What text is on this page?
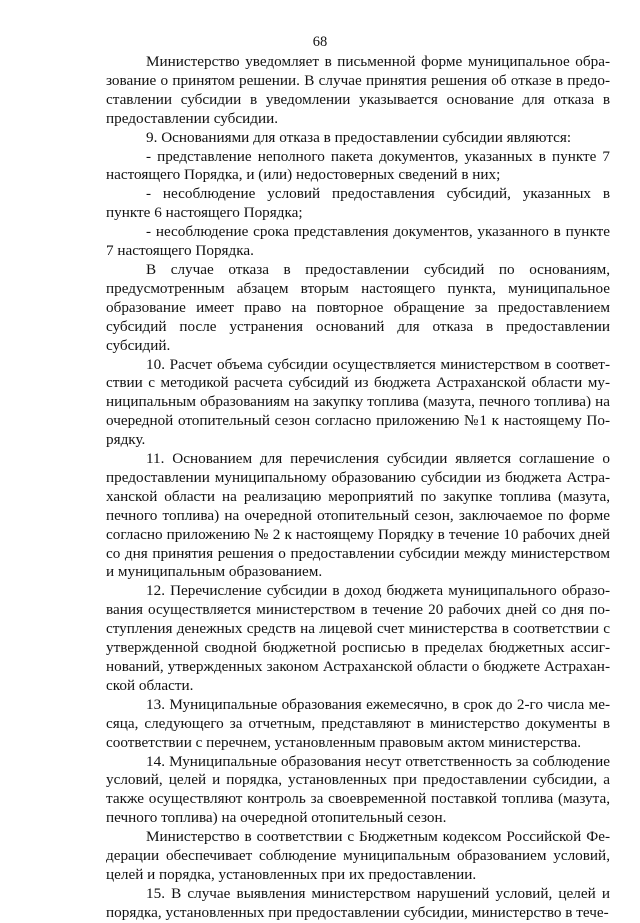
68

Министерство уведомляет в письменной форме муниципальное образование о принятом решении. В случае принятия решения об отказе в предоставлении субсидии в уведомлении указывается основание для отказа в предоставлении субсидии.

9. Основаниями для отказа в предоставлении субсидии являются:

- представление неполного пакета документов, указанных в пункте 7 настоящего Порядка, и (или) недостоверных сведений в них;

- несоблюдение условий предоставления субсидий, указанных в пункте 6 настоящего Порядка;

- несоблюдение срока представления документов, указанного в пункте 7 настоящего Порядка.

В случае отказа в предоставлении субсидий по основаниям, предусмотренным абзацем вторым настоящего пункта, муниципальное образование имеет право на повторное обращение за предоставлением субсидий после устранения оснований для отказа в предоставлении субсидий.

10. Расчет объема субсидии осуществляется министерством в соответствии с методикой расчета субсидий из бюджета Астраханской области муниципальным образованиям на закупку топлива (мазута, печного топлива) на очередной отопительный сезон согласно приложению №1 к настоящему Порядку.

11. Основанием для перечисления субсидии является соглашение о предоставлении муниципальному образованию субсидии из бюджета Астраханской области на реализацию мероприятий по закупке топлива (мазута, печного топлива) на очередной отопительный сезон, заключаемое по форме согласно приложению № 2 к настоящему Порядку в течение 10 рабочих дней со дня принятия решения о предоставлении субсидии между министерством и муниципальным образованием.

12. Перечисление субсидии в доход бюджета муниципального образования осуществляется министерством в течение 20 рабочих дней со дня поступления денежных средств на лицевой счет министерства в соответствии с утвержденной сводной бюджетной росписью в пределах бюджетных ассигнований, утвержденных законом Астраханской области о бюджете Астраханской области.

13. Муниципальные образования ежемесячно, в срок до 2-го числа месяца, следующего за отчетным, представляют в министерство документы в соответствии с перечнем, установленным правовым актом министерства.

14. Муниципальные образования несут ответственность за соблюдение условий, целей и порядка, установленных при предоставлении субсидии, а также осуществляют контроль за своевременной поставкой топлива (мазута, печного топлива) на очередной отопительный сезон.

Министерство в соответствии с Бюджетным кодексом Российской Федерации обеспечивает соблюдение муниципальным образованием условий, целей и порядка, установленных при их предоставлении.

15. В случае выявления министерством нарушений условий, целей и порядка, установленных при предоставлении субсидии, министерство в тече-
